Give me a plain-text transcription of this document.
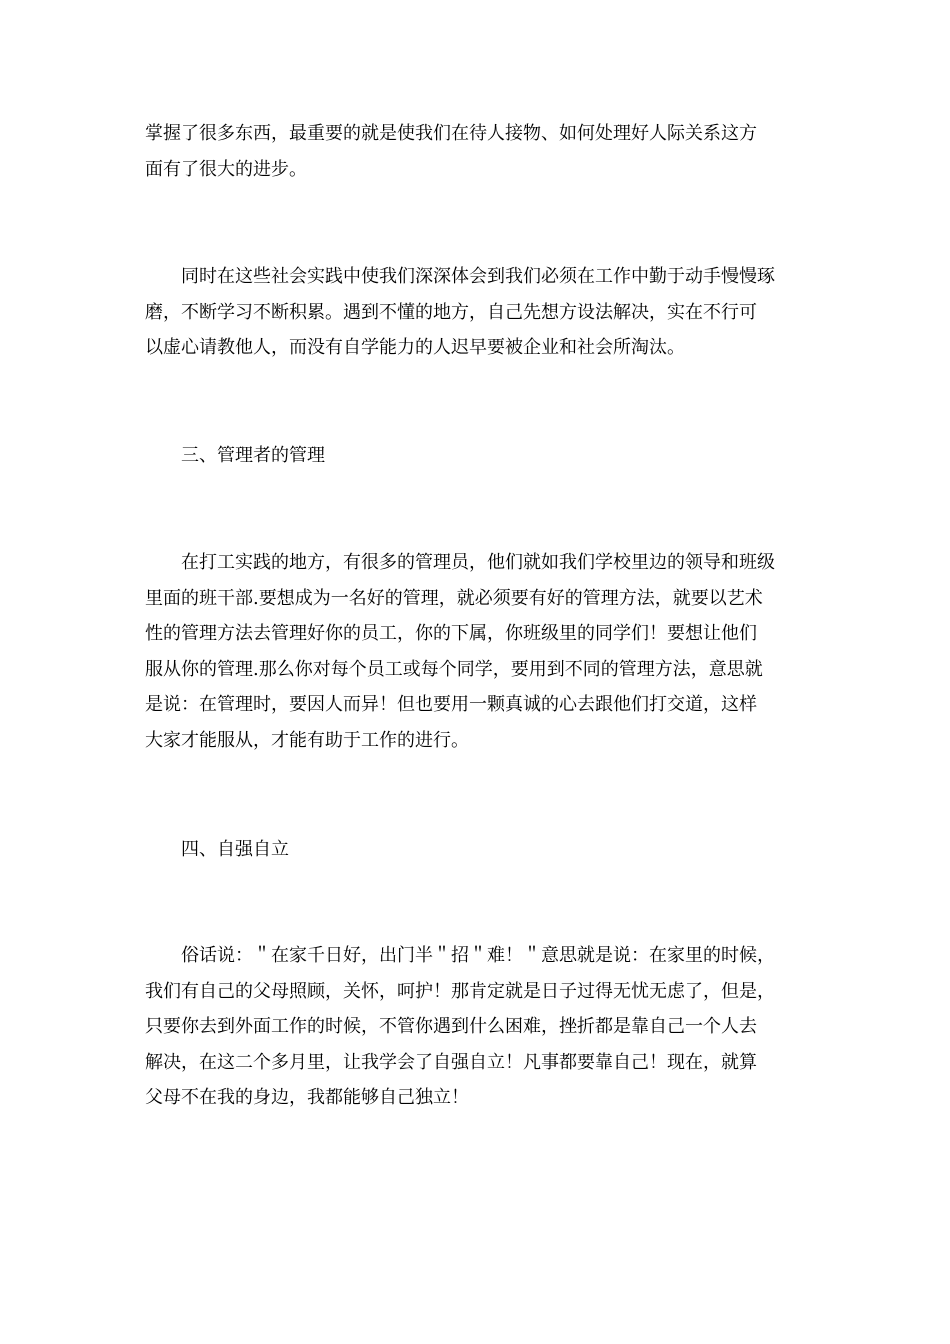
掌握了很多东西，最重要的就是使我们在待人接物、如何处理好人际关系这方
面有了很大的进步。
　　同时在这些社会实践中使我们深深体会到我们必须在工作中勤于动手慢慢琢
磨，不断学习不断积累。遇到不懂的地方，自己先想方设法解决，实在不行可
以虚心请教他人，而没有自学能力的人迟早要被企业和社会所淘汰。
　　三、管理者的管理
　　在打工实践的地方，有很多的管理员，他们就如我们学校里边的领导和班级
里面的班干部.要想成为一名好的管理，就必须要有好的管理方法，就要以艺术
性的管理方法去管理好你的员工，你的下属，你班级里的同学们！要想让他们
服从你的管理.那么你对每个员工或每个同学，要用到不同的管理方法，意思就
是说：在管理时，要因人而异！但也要用一颗真诚的心去跟他们打交道，这样
大家才能服从，才能有助于工作的进行。
　　四、自强自立
　　俗话说：＂在家千日好，出门半＂招＂难！＂意思就是说：在家里的时候，
我们有自己的父母照顾，关怀，呵护！那肯定就是日子过得无忧无虑了，但是，
只要你去到外面工作的时候，不管你遇到什么困难，挫折都是靠自己一个人去
解决，在这二个多月里，让我学会了自强自立！凡事都要靠自己！现在，就算
父母不在我的身边，我都能够自己独立！
